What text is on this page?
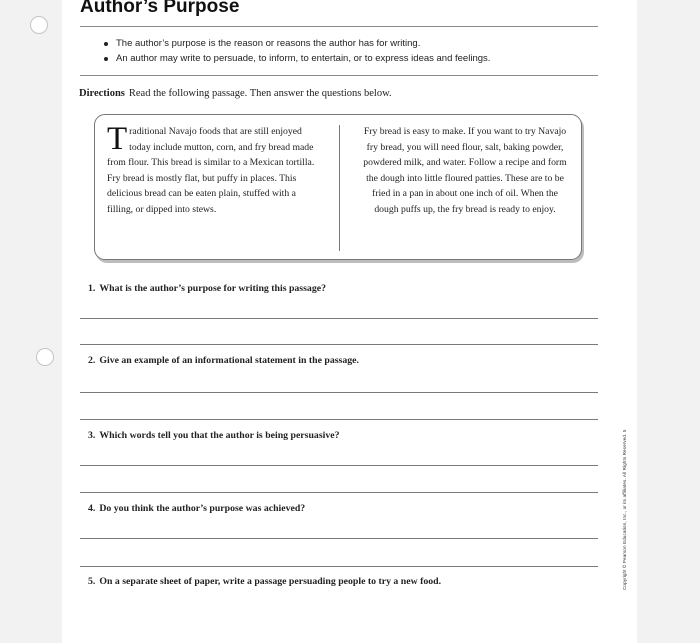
Author’s Purpose
The author’s purpose is the reason or reasons the author has for writing.
An author may write to persuade, to inform, to entertain, or to express ideas and feelings.
Directions Read the following passage. Then answer the questions below.
Traditional Navajo foods that are still enjoyed today include mutton, corn, and fry bread made from flour. This bread is similar to a Mexican tortilla. Fry bread is mostly flat, but puffy in places. This delicious bread can be eaten plain, stuffed with a filling, or dipped into stews.
Fry bread is easy to make. If you want to try Navajo fry bread, you will need flour, salt, baking powder, powdered milk, and water. Follow a recipe and form the dough into little floured patties. These are to be fried in a pan in about one inch of oil. When the dough puffs up, the fry bread is ready to enjoy.
1. What is the author’s purpose for writing this passage?
2. Give an example of an informational statement in the passage.
3. Which words tell you that the author is being persuasive?
4. Do you think the author’s purpose was achieved?
5. On a separate sheet of paper, write a passage persuading people to try a new food.	Copyright © Pearson Education, Inc., or its affiliates. All Rights Reserved. 5
